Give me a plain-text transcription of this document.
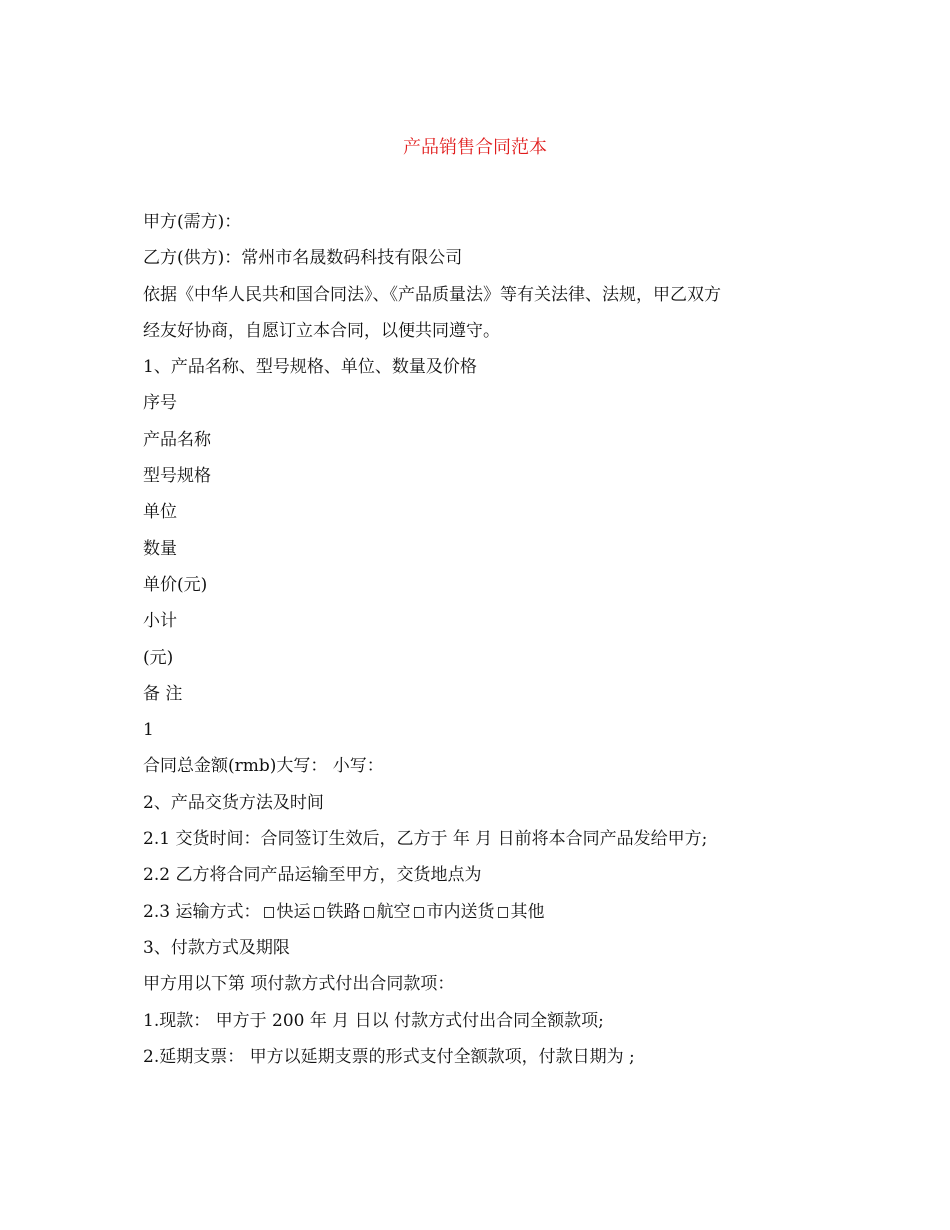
产品销售合同范本
甲方(需方)：
乙方(供方)：常州市名晟数码科技有限公司
依据《中华人民共和国合同法》、《产品质量法》等有关法律、法规，甲乙双方
经友好协商，自愿订立本合同，以便共同遵守。
1、产品名称、型号规格、单位、数量及价格
序号
产品名称
型号规格
单位
数量
单价(元)
小计
(元)
备 注
1
合同总金额(rmb)大写： 小写：
2、产品交货方法及时间
2.1 交货时间：合同签订生效后，乙方于 年 月 日前将本合同产品发给甲方;
2.2 乙方将合同产品运输至甲方，交货地点为
2.3 运输方式： 快运 铁路 航空 市内送货 其他
3、付款方式及期限
甲方用以下第 项付款方式付出合同款项：
1.现款： 甲方于 200 年 月 日以 付款方式付出合同全额款项;
2.延期支票： 甲方以延期支票的形式支付全额款项，付款日期为 ;
